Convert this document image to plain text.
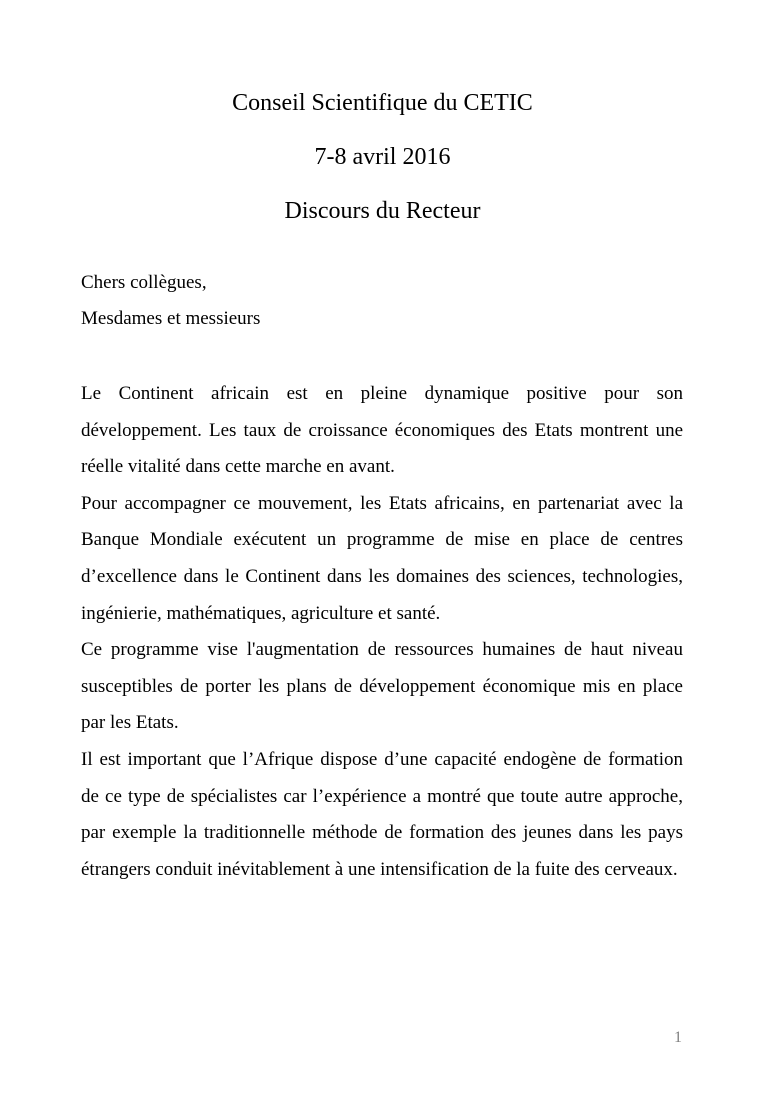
Conseil Scientifique du CETIC
7-8 avril 2016
Discours du Recteur
Chers collègues,
Mesdames et messieurs

Le Continent africain est en pleine dynamique positive pour son développement. Les taux de croissance économiques des Etats montrent une réelle vitalité dans cette marche en avant.

Pour accompagner ce mouvement, les Etats africains, en partenariat avec la Banque Mondiale exécutent un programme de mise en place de centres d’excellence dans le Continent dans les domaines des sciences, technologies, ingénierie, mathématiques, agriculture et santé.

Ce programme vise l'augmentation de ressources humaines de haut niveau susceptibles de porter les plans de développement économique mis en place par les Etats.

Il est important que l’Afrique dispose d’une capacité endogène de formation de ce type de spécialistes car l’expérience a montré que toute autre approche, par exemple la traditionnelle méthode de formation des jeunes dans les pays étrangers conduit inévitablement à une intensification de la fuite des cerveaux.

1
